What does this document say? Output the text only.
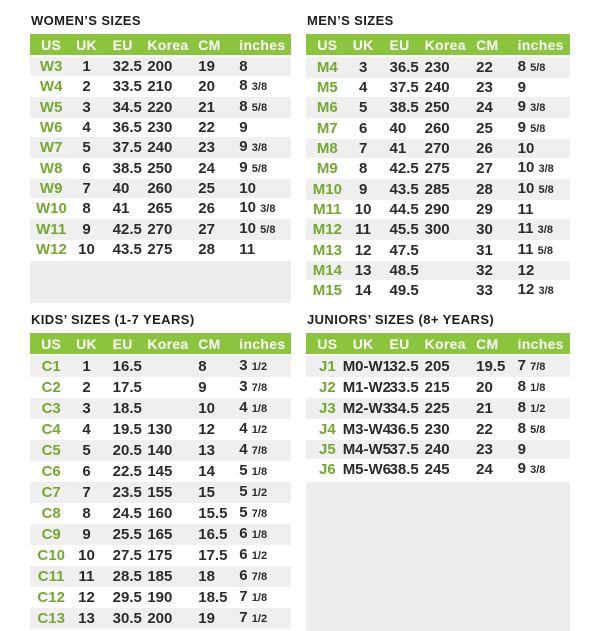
WOMEN’S SIZES
US	UK	EU	Korea	CM	inches
W3	1	32.5	200	19	8
W4	2	33.5	210	20	8 3/8
W5	3	34.5	220	21	8 5/8
W6	4	36.5	230	22	9
W7	5	37.5	240	23	9 3/8
W8	6	38.5	250	24	9 5/8
W9	7	40	260	25	10
W10	8	41	265	26	10 3/8
W11	9	42.5	270	27	10 5/8
W12	10	43.5	275	28	11
MEN’S SIZES
US	UK	EU	Korea	CM	inches
M4	3	36.5	230	22	8 5/8
M5	4	37.5	240	23	9
M6	5	38.5	250	24	9 3/8
M7	6	40	260	25	9 5/8
M8	7	41	270	26	10
M9	8	42.5	275	27	10 3/8
M10	9	43.5	285	28	10 5/8
M11	10	44.5	290	29	11
M12	11	45.5	300	30	11 3/8
M13	12	47.5		31	11 5/8
M14	13	48.5		32	12
M15	14	49.5		33	12 3/8
KIDS’ SIZES (1-7 YEARS)
US	UK	EU	Korea	CM	inches
C1	1	16.5		8	3 1/2
C2	2	17.5		9	3 7/8
C3	3	18.5		10	4 1/8
C4	4	19.5	130	12	4 1/2
C5	5	20.5	140	13	4 7/8
C6	6	22.5	145	14	5 1/8
C7	7	23.5	155	15	5 1/2
C8	8	24.5	160	15.5	5 7/8
C9	9	25.5	165	16.5	6 1/8
C10	10	27.5	175	17.5	6 1/2
C11	11	28.5	185	18	6 7/8
C12	12	29.5	190	18.5	7 1/8
C13	13	30.5	200	19	7 1/2
JUNIORS’ SIZES (8+ YEARS)
US	UK	EU	Korea	CM	inches
J1	M0-W1	32.5	205	19.5	7 7/8
J2	M1-W2	33.5	215	20	8 1/8
J3	M2-W3	34.5	225	21	8 1/2
J4	M3-W4	36.5	230	22	8 5/8
J5	M4-W5	37.5	240	23	9
J6	M5-W6	38.5	245	24	9 3/8
